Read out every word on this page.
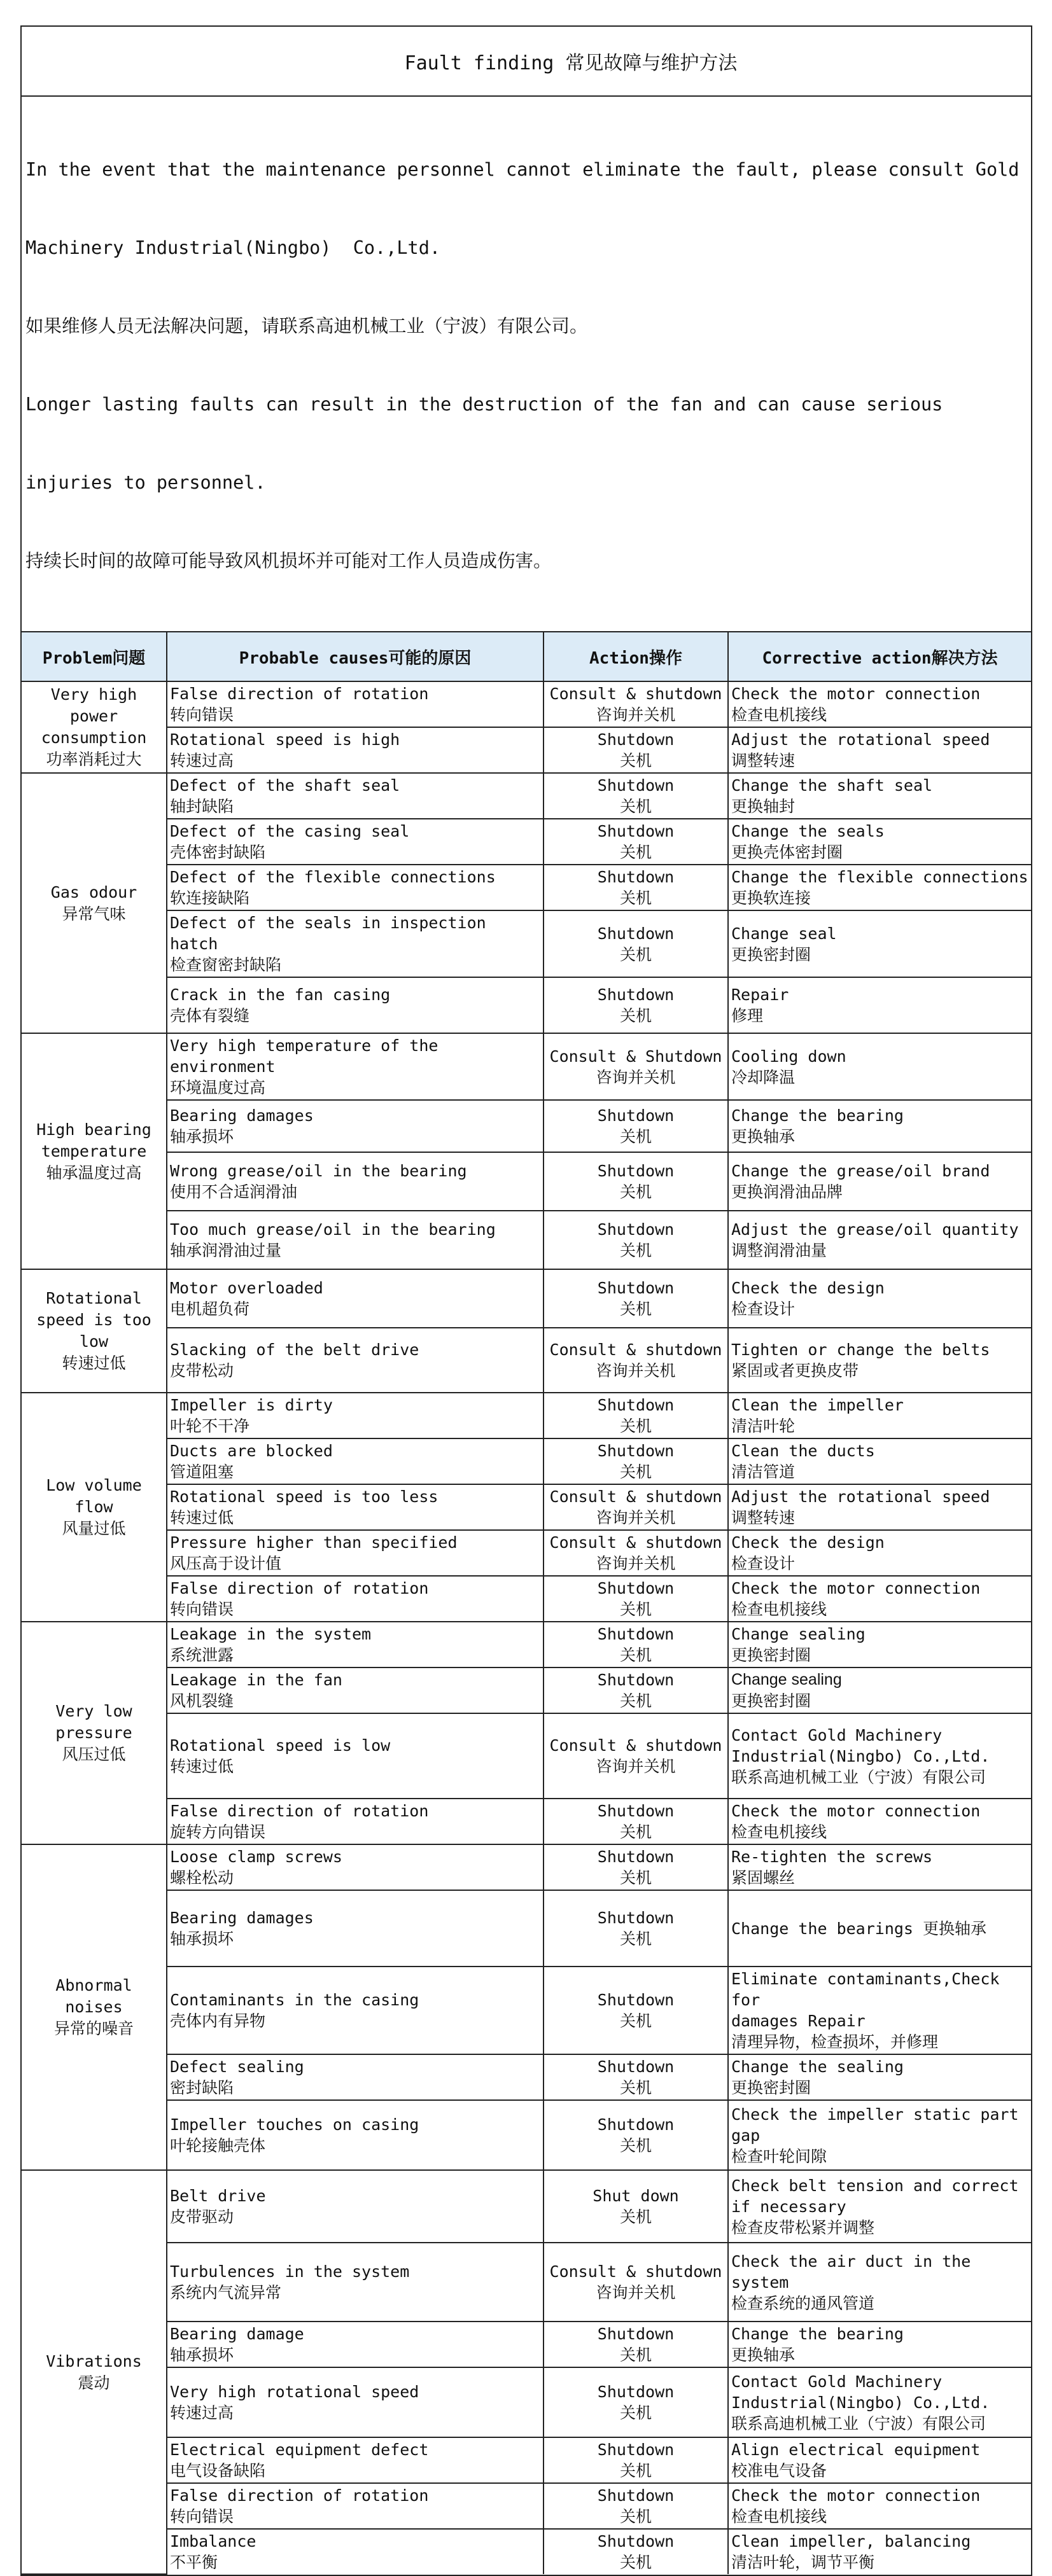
Fault finding 常见故障与维护方法

In the event that the maintenance personnel cannot eliminate the fault, please consult Gold

Machinery Industrial(Ningbo)  Co.,Ltd.

如果维修人员无法解决问题，请联系高迪机械工业（宁波）有限公司。

Longer lasting faults can result in the destruction of the fan and can cause serious

injuries to personnel.

持续长时间的故障可能导致风机损坏并可能对工作人员造成伤害。

Problem问题	Probable causes可能的原因	Action操作	Corrective action解决方法

Very high power
consumption
功率消耗过大	False direction of rotation
转向错误	Consult & shutdown
咨询并关机	Check the motor connection
检查电机接线

	Rotational speed is high
转速过高	Shutdown
关机	Adjust the rotational speed
调整转速

Gas odour
异常气味	Defect of the shaft seal
轴封缺陷	Shutdown
关机	Change the shaft seal
更换轴封

	Defect of the casing seal
壳体密封缺陷	Shutdown
关机	Change the seals
更换壳体密封圈

	Defect of the flexible connections
软连接缺陷	Shutdown
关机	Change the flexible connections
更换软连接

	Defect of the seals in inspection hatch
检查窗密封缺陷	Shutdown
关机	Change seal
更换密封圈

	Crack in the fan casing
壳体有裂缝	Shutdown
关机	Repair
修理

High bearing
temperature
轴承温度过高	Very high temperature of the environment
环境温度过高	Consult & Shutdown
咨询并关机	Cooling down
冷却降温

	Bearing damages
轴承损坏	Shutdown
关机	Change the bearing
更换轴承

	Wrong grease/oil in the bearing
使用不合适润滑油	Shutdown
关机	Change the grease/oil brand
更换润滑油品牌

	Too much grease/oil in the bearing
轴承润滑油过量	Shutdown
关机	Adjust the grease/oil quantity
调整润滑油量

Rotational
speed is too
low
转速过低	Motor overloaded
电机超负荷	Shutdown
关机	Check the design
检查设计

	Slacking of the belt drive
皮带松动	Consult & shutdown
咨询并关机	Tighten or change the belts
紧固或者更换皮带

Low volume flow
风量过低	Impeller is dirty
叶轮不干净	Shutdown
关机	Clean the impeller
清洁叶轮

	Ducts are blocked
管道阻塞	Shutdown
关机	Clean the ducts
清洁管道

	Rotational speed is too less
转速过低	Consult & shutdown
咨询并关机	Adjust the rotational speed
调整转速

	Pressure higher than specified
风压高于设计值	Consult & shutdown
咨询并关机	Check the design
检查设计

	False direction of rotation
转向错误	Shutdown
关机	Check the motor connection
检查电机接线

Very low
pressure
风压过低	Leakage in the system
系统泄露	Shutdown
关机	Change sealing
更换密封圈

	Leakage in the fan
风机裂缝	Shutdown
关机	Change sealing
更换密封圈

	Rotational speed is low
转速过低	Consult & shutdown
咨询并关机	Contact Gold Machinery
Industrial(Ningbo) Co.,Ltd.
联系高迪机械工业（宁波）有限公司

	False direction of rotation
旋转方向错误	Shutdown
关机	Check the motor connection
检查电机接线

Abnormal noises
异常的噪音	Loose clamp screws
螺栓松动	Shutdown
关机	Re-tighten the screws
紧固螺丝

	Bearing damages
轴承损坏	Shutdown
关机	Change the bearings 更换轴承

	Contaminants in the casing
壳体内有异物	Shutdown
关机	Eliminate contaminants,Check for
damages Repair
清理异物，检查损坏，并修理

	Defect sealing
密封缺陷	Shutdown
关机	Change the sealing
更换密封圈

	Impeller touches on casing
叶轮接触壳体	Shutdown
关机	Check the impeller static part
gap
检查叶轮间隙

Vibrations
震动	Belt drive
皮带驱动	Shut down
关机	Check belt tension and correct
if necessary
检查皮带松紧并调整

	Turbulences in the system
系统内气流异常	Consult & shutdown
咨询并关机	Check the air duct in the system
检查系统的通风管道

	Bearing damage
轴承损坏	Shutdown
关机	Change the bearing
更换轴承

	Very high rotational speed
转速过高	Shutdown
关机	Contact Gold Machinery
Industrial(Ningbo) Co.,Ltd.
联系高迪机械工业（宁波）有限公司

	Electrical equipment defect
电气设备缺陷	Shutdown
关机	Align electrical equipment
校准电气设备

	False direction of rotation
转向错误	Shutdown
关机	Check the motor connection
检查电机接线

	Imbalance
不平衡	Shutdown
关机	Clean impeller, balancing
清洁叶轮，调节平衡
